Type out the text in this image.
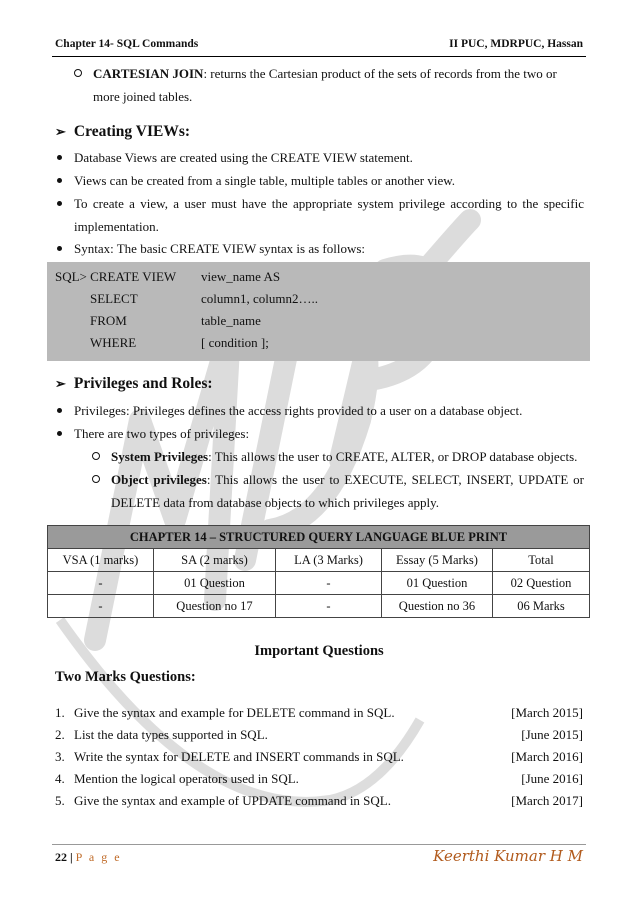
Chapter 14- SQL Commands	II PUC, MDRPUC, Hassan
CARTESIAN JOIN: returns the Cartesian product of the sets of records from the two or
more joined tables.
➢ Creating VIEWs:
Database Views are created using the CREATE VIEW statement.
Views can be created from a single table, multiple tables or another view.
To create a view, a user must have the appropriate system privilege according to the specific
implementation.
Syntax: The basic CREATE VIEW syntax is as follows:
SQL> CREATE VIEW view_name AS
SELECT	column1, column2…..
FROM	table_name
WHERE	[ condition ];
➢ Privileges and Roles:
Privileges: Privileges defines the access rights provided to a user on a database object.
There are two types of privileges:
System Privileges: This allows the user to CREATE, ALTER, or DROP database objects.
Object privileges: This allows the user to EXECUTE, SELECT, INSERT, UPDATE or
DELETE data from database objects to which privileges apply.
CHAPTER 14 – STRUCTURED QUERY LANGUAGE BLUE PRINT				
VSA (1 marks)	SA (2 marks)	LA (3 Marks)	Essay (5 Marks)	Total
-	01 Question	-	01 Question	02 Question
-	Question no 17	-	Question no 36	06 Marks
Important Questions
Two Marks Questions:
1. Give the syntax and example for DELETE command in SQL.	[March 2015]
2. List the data types supported in SQL.	[June 2015]
3. Write the syntax for DELETE and INSERT commands in SQL.	[March 2016]
4. Mention the logical operators used in SQL.	[June 2016]
5. Give the syntax and example of UPDATE command in SQL.	[March 2017]
22 | P a g e	Keerthi Kumar H M
